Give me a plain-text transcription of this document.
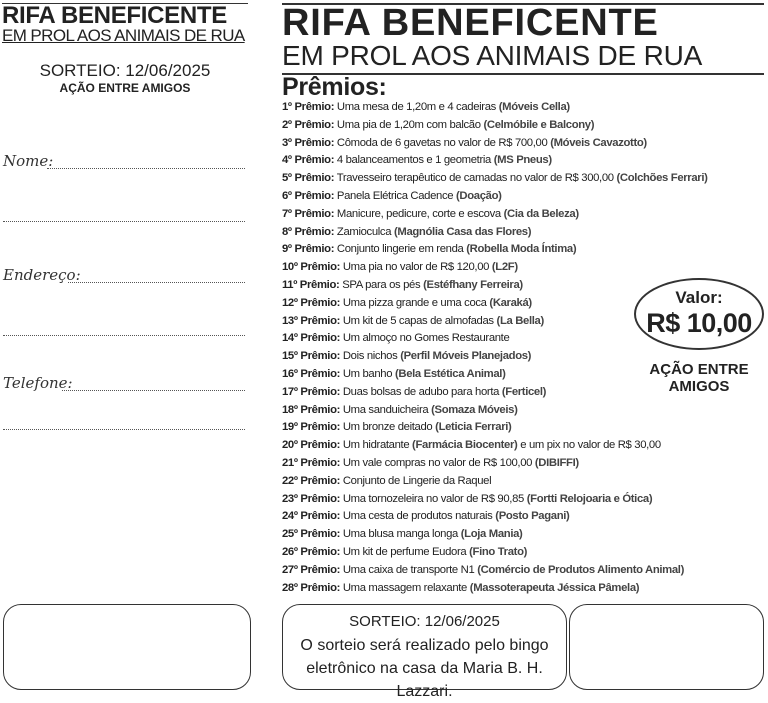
RIFA BENEFICENTE
EM PROL AOS ANIMAIS DE RUA
SORTEIO: 12/06/2025
AÇÃO ENTRE AMIGOS
Nome:
Endereço:
Telefone:
RIFA BENEFICENTE
EM PROL AOS ANIMAIS DE RUA
Prêmios:
1º Prêmio: Uma mesa de 1,20m e 4 cadeiras (Móveis Cella)
2º Prêmio: Uma pia de 1,20m com balcão (Celmóbile e Balcony)
3º Prêmio: Cômoda de 6 gavetas no valor de R$ 700,00 (Móveis Cavazotto)
4º Prêmio: 4 balanceamentos e 1 geometria (MS Pneus)
5º Prêmio: Travesseiro terapêutico de camadas no valor de R$ 300,00 (Colchões Ferrari)
6º Prêmio: Panela Elétrica Cadence (Doação)
7º Prêmio: Manicure, pedicure, corte e escova (Cia da Beleza)
8º Prêmio: Zamioculca (Magnólia Casa das Flores)
9º Prêmio: Conjunto lingerie em renda (Robella Moda Íntima)
10º Prêmio: Uma pia no valor de R$ 120,00 (L2F)
11º Prêmio: SPA para os pés (Estéfhany Ferreira)
12º Prêmio: Uma pizza grande e uma coca (Karaká)
13º Prêmio: Um kit de 5 capas de almofadas (La Bella)
14º Prêmio: Um almoço no Gomes Restaurante
15º Prêmio: Dois nichos (Perfil Móveis Planejados)
16º Prêmio: Um banho (Bela Estética Animal)
17º Prêmio: Duas bolsas de adubo para horta (Ferticel)
18º Prêmio: Uma sanduicheira (Somaza Móveis)
19º Prêmio: Um bronze deitado (Leticia Ferrari)
20º Prêmio: Um hidratante (Farmácia Biocenter) e um pix no valor de R$ 30,00
21º Prêmio: Um vale compras no valor de R$ 100,00 (DIBIFFI)
22º Prêmio: Conjunto de Lingerie da Raquel
23º Prêmio: Uma tornozeleira no valor de R$ 90,85 (Fortti Relojoaria e Ótica)
24º Prêmio: Uma cesta de produtos naturais (Posto Pagani)
25º Prêmio: Uma blusa manga longa (Loja Mania)
26º Prêmio: Um kit de perfume Eudora (Fino Trato)
27º Prêmio: Uma caixa de transporte N1 (Comércio de Produtos Alimento Animal)
28º Prêmio: Uma massagem relaxante (Massoterapeuta Jéssica Pâmela)
Valor:
R$ 10,00
AÇÃO ENTRE
AMIGOS
SORTEIO: 12/06/2025
O sorteio será realizado pelo bingo
eletrônico na casa da Maria B. H. Lazzari.
